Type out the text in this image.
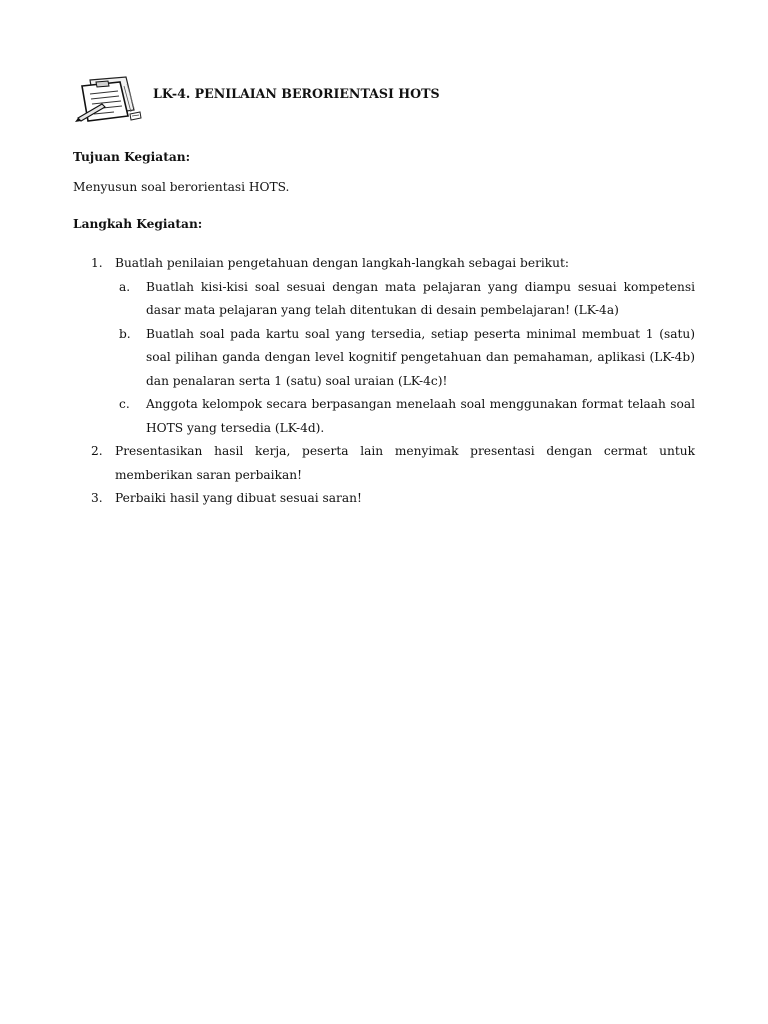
LK-4. PENILAIAN BERORIENTASI HOTS
Tujuan Kegiatan:
Menyusun soal berorientasi HOTS.
Langkah Kegiatan:
1. Buatlah penilaian pengetahuan dengan langkah-langkah sebagai berikut:
a. Buatlah kisi-kisi soal sesuai dengan mata pelajaran yang diampu sesuai kompetensi dasar mata pelajaran yang telah ditentukan di desain pembelajaran! (LK-4a)
b. Buatlah soal pada kartu soal yang tersedia, setiap peserta minimal membuat 1 (satu) soal pilihan ganda dengan level kognitif pengetahuan dan pemahaman, aplikasi (LK-4b) dan penalaran serta 1 (satu) soal uraian (LK-4c)!
c. Anggota kelompok secara berpasangan menelaah soal menggunakan format telaah soal HOTS yang tersedia (LK-4d).
2. Presentasikan hasil kerja, peserta lain menyimak presentasi dengan cermat untuk memberikan saran perbaikan!
3. Perbaiki hasil yang dibuat sesuai saran!
